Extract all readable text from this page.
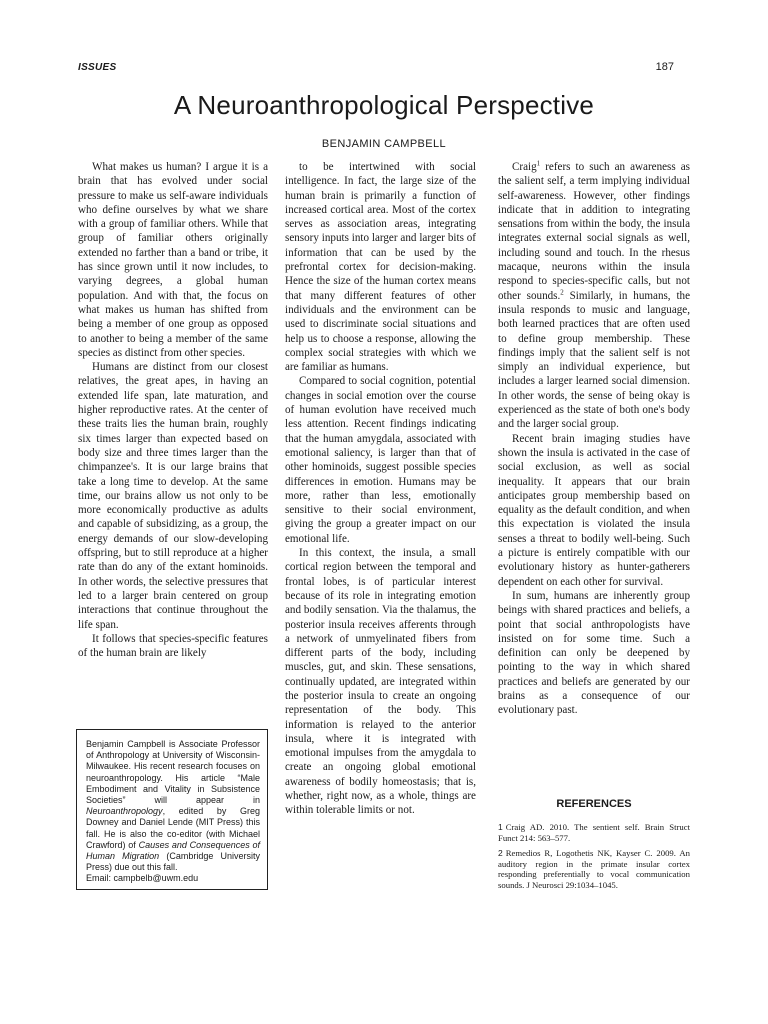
ISSUES	187
A Neuroanthropological Perspective
BENJAMIN CAMPBELL

What makes us human? I argue it is a brain that has evolved under social pressure to make us self-aware individuals who define ourselves by what we share with a group of familiar others. While that group of familiar others originally extended no farther than a band or tribe, it has since grown until it now includes, to varying degrees, a global human population. And with that, the focus on what makes us human has shifted from being a member of one group as opposed to another to being a member of the same species as distinct from other species.

Humans are distinct from our closest relatives, the great apes, in having an extended life span, late maturation, and higher reproductive rates. At the center of these traits lies the human brain, roughly six times larger than expected based on body size and three times larger than the chimpanzee's. It is our large brains that take a long time to develop. At the same time, our brains allow us not only to be more economically productive as adults and capable of subsidizing, as a group, the energy demands of our slow-developing offspring, but to still reproduce at a higher rate than do any of the extant hominoids. In other words, the selective pressures that led to a larger brain centered on group interactions that continue throughout the life span.

It follows that species-specific features of the human brain are likely

to be intertwined with social intelligence. In fact, the large size of the human brain is primarily a function of increased cortical area. Most of the cortex serves as association areas, integrating sensory inputs into larger and larger bits of information that can be used by the prefrontal cortex for decision-making. Hence the size of the human cortex means that many different features of other individuals and the environment can be used to discriminate social situations and help us to choose a response, allowing the complex social strategies with which we are familiar as humans.

Compared to social cognition, potential changes in social emotion over the course of human evolution have received much less attention. Recent findings indicating that the human amygdala, associated with emotional saliency, is larger than that of other hominoids, suggest possible species differences in emotion. Humans may be more, rather than less, emotionally sensitive to their social environment, giving the group a greater impact on our emotional life.

In this context, the insula, a small cortical region between the temporal and frontal lobes, is of particular interest because of its role in integrating emotion and bodily sensation. Via the thalamus, the posterior insula receives afferents through a network of unmyelinated fibers from different parts of the body, including muscles, gut, and skin. These sensations, continually updated, are integrated within the posterior insula to create an ongoing representation of the body. This information is relayed to the anterior insula, where it is integrated with emotional impulses from the amygdala to create an ongoing global emotional awareness of bodily homeostasis; that is, whether, right now, as a whole, things are within tolerable limits or not.

Craig$^1$ refers to such an awareness as the salient self, a term implying individual self-awareness. However, other findings indicate that in addition to integrating sensations from within the body, the insula integrates external social signals as well, including sound and touch. In the rhesus macaque, neurons within the insula respond to species-specific calls, but not other sounds.$^2$ Similarly, in humans, the insula responds to music and language, both learned practices that are often used to define group membership. These findings imply that the salient self is not simply an individual experience, but includes a larger learned social dimension. In other words, the sense of being okay is experienced as the state of both one's body and the larger social group.

Recent brain imaging studies have shown the insula is activated in the case of social exclusion, as well as social inequality. It appears that our brain anticipates group membership based on equality as the default condition, and when this expectation is violated the insula senses a threat to bodily well-being. Such a picture is entirely compatible with our evolutionary history as hunter-gatherers dependent on each other for survival.

In sum, humans are inherently group beings with shared practices and beliefs, a point that social anthropologists have insisted on for some time. Such a definition can only be deepened by pointing to the way in which shared practices and beliefs are generated by our brains as a consequence of our evolutionary past.

Benjamin Campbell is Associate Professor of Anthropology at University of Wisconsin-Milwaukee. His recent research focuses on neuroanthropology. His article “Male Embodiment and Vitality in Subsistence Societies” will appear in Neuroanthropology, edited by Greg Downey and Daniel Lende (MIT Press) this fall. He is also the co-editor (with Michael Crawford) of Causes and Consequences of Human Migration (Cambridge University Press) due out this fall.
Email: campbelb@uwm.edu
REFERENCES

1 Craig AD. 2010. The sentient self. Brain Struct Funct 214: 563–577.

2 Remedios R, Logothetis NK, Kayser C. 2009. An auditory region in the primate insular cortex responding preferentially to vocal communication sounds. J Neurosci 29:1034–1045.
